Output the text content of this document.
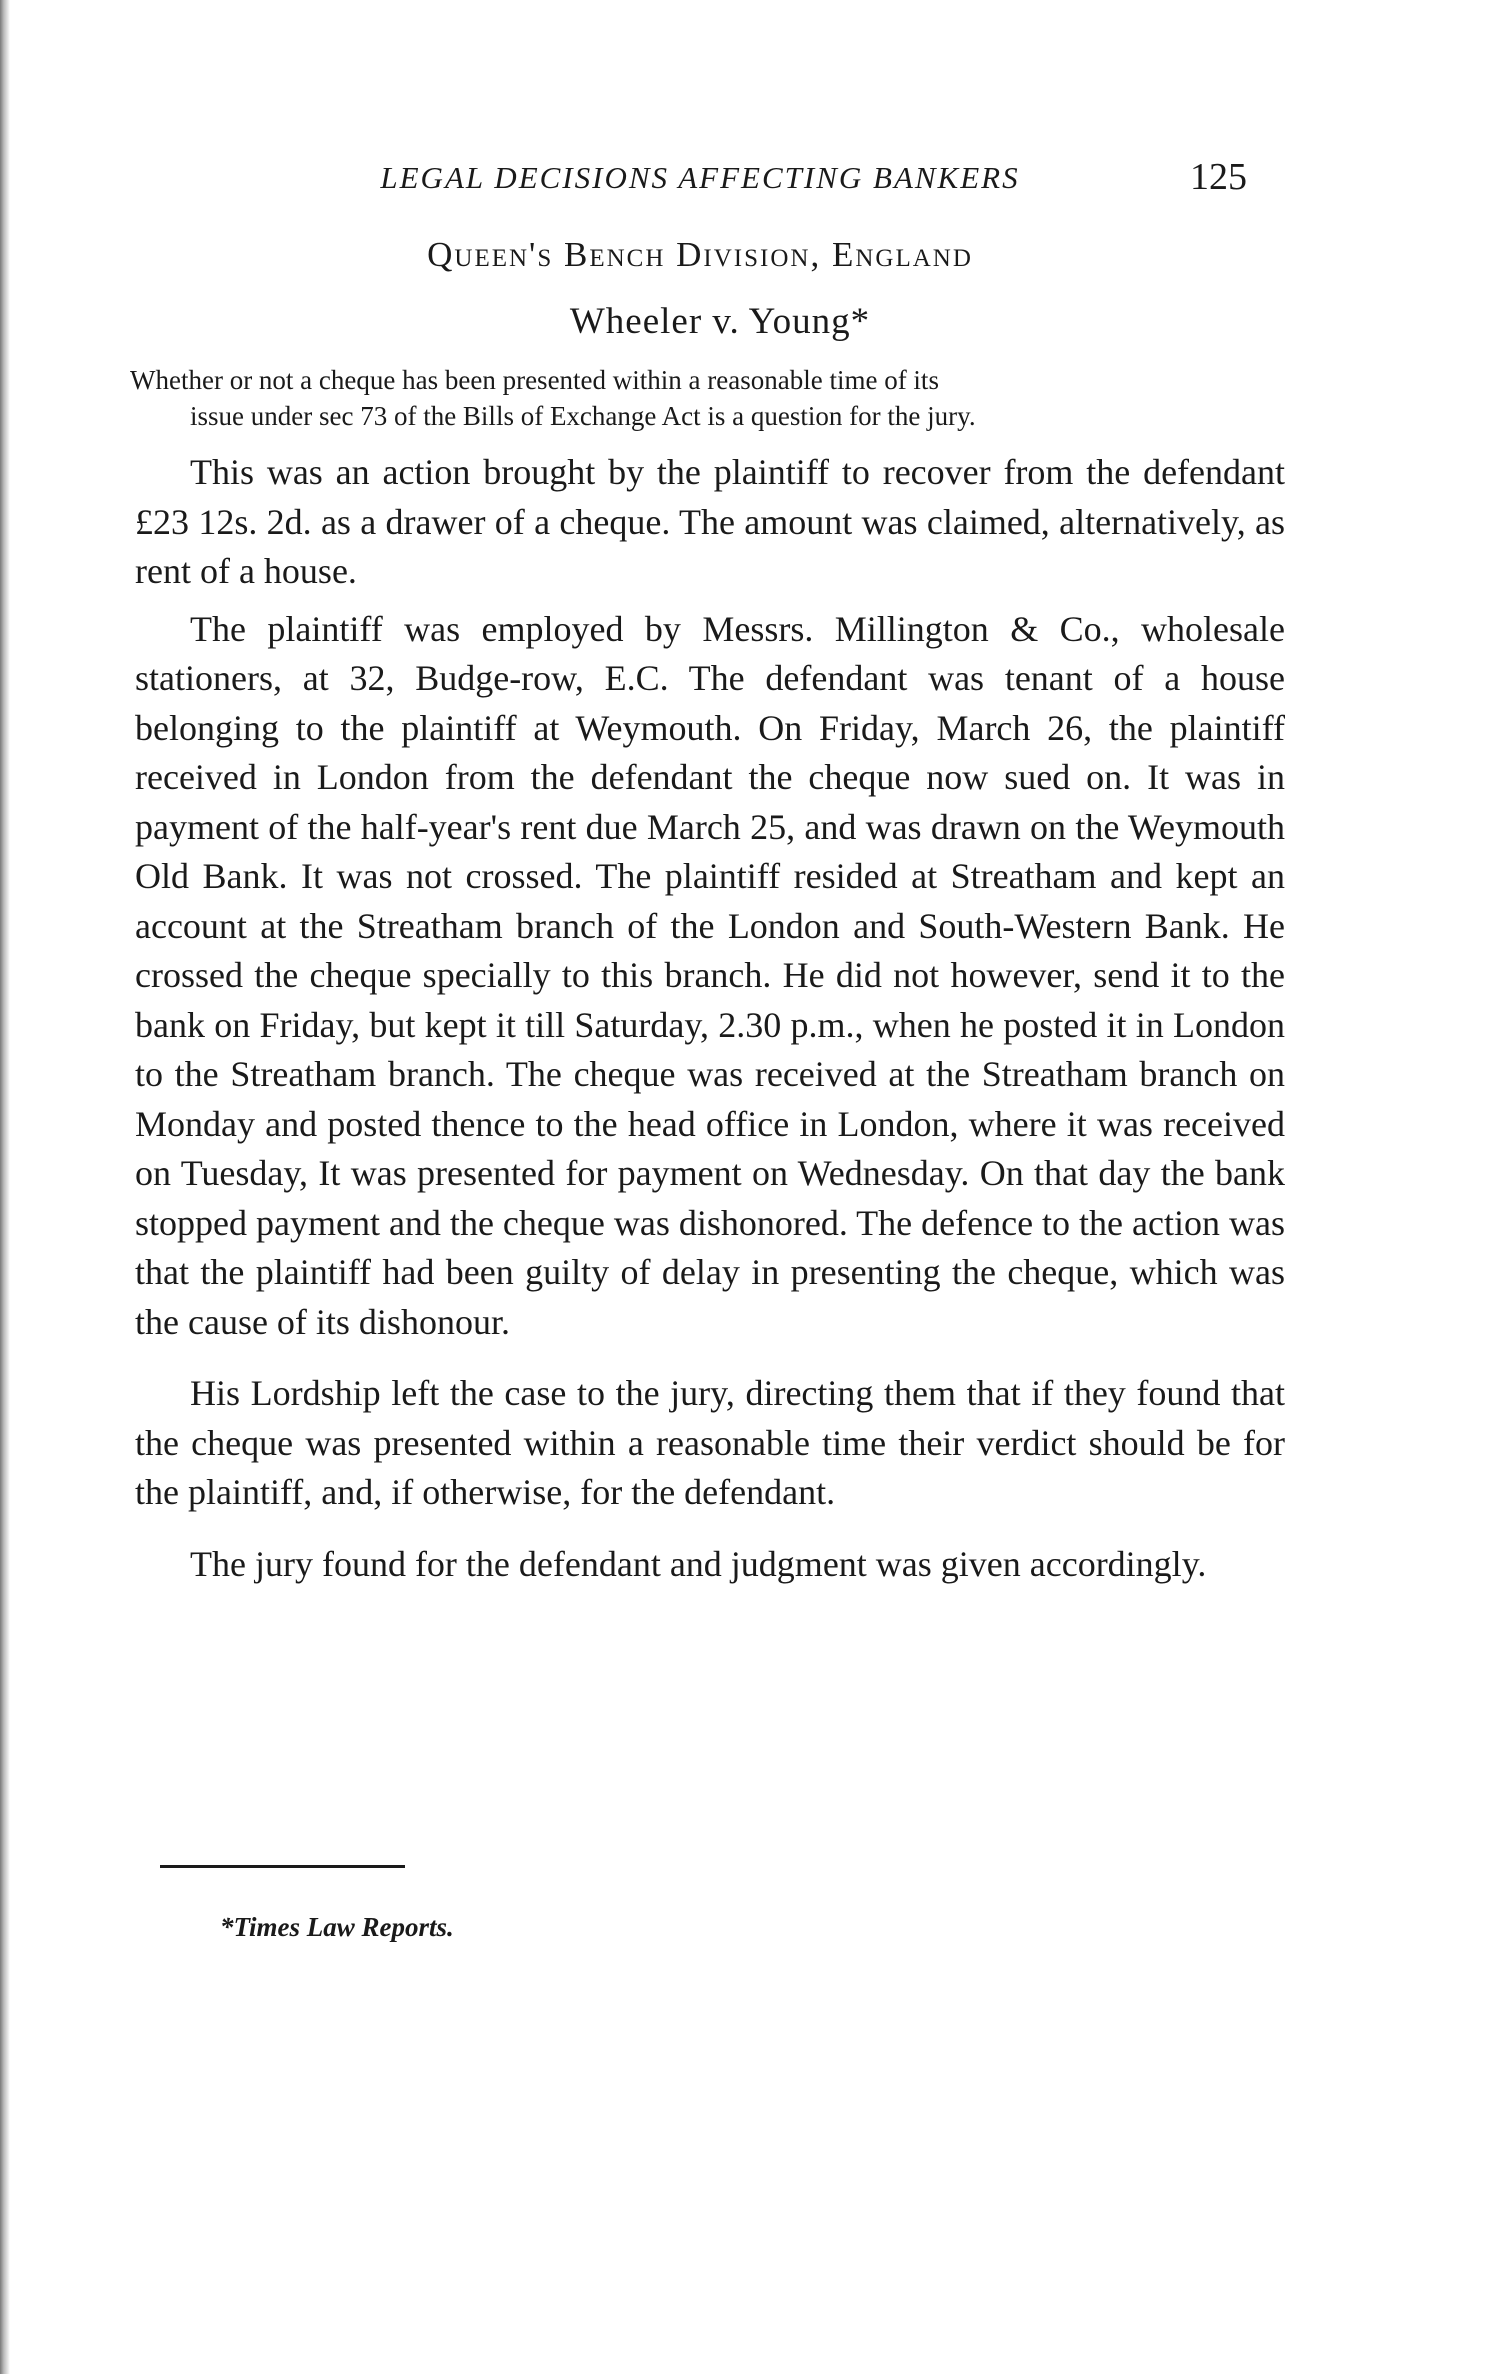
LEGAL DECISIONS AFFECTING BANKERS	125
Queen's Bench Division, England
Wheeler v. Young*
Whether or not a cheque has been presented within a reasonable time of its
issue under sec 73 of the Bills of Exchange Act is a question for the jury.

This was an action brought by the plaintiff to recover from the defendant £23 12s. 2d. as a drawer of a cheque. The amount was claimed, alternatively, as rent of a house.

The plaintiff was employed by Messrs. Millington & Co., wholesale stationers, at 32, Budge-row, E.C. The defendant was tenant of a house belonging to the plaintiff at Weymouth. On Friday, March 26, the plaintiff received in London from the defendant the cheque now sued on. It was in payment of the half-year's rent due March 25, and was drawn on the Weymouth Old Bank. It was not crossed. The plaintiff resided at Streatham and kept an account at the Streatham branch of the London and South-Western Bank. He crossed the cheque specially to this branch. He did not however, send it to the bank on Friday, but kept it till Saturday, 2.30 p.m., when he posted it in London to the Streatham branch. The cheque was received at the Streatham branch on Monday and posted thence to the head office in London, where it was received on Tuesday, It was presented for payment on Wednesday. On that day the bank stopped payment and the cheque was dishonored. The defence to the action was that the plaintiff had been guilty of delay in presenting the cheque, which was the cause of its dishonour.

His Lordship left the case to the jury, directing them that if they found that the cheque was presented within a reasonable time their verdict should be for the plaintiff, and, if otherwise, for the defendant.

The jury found for the defendant and judgment was given accordingly.

*Times Law Reports.
